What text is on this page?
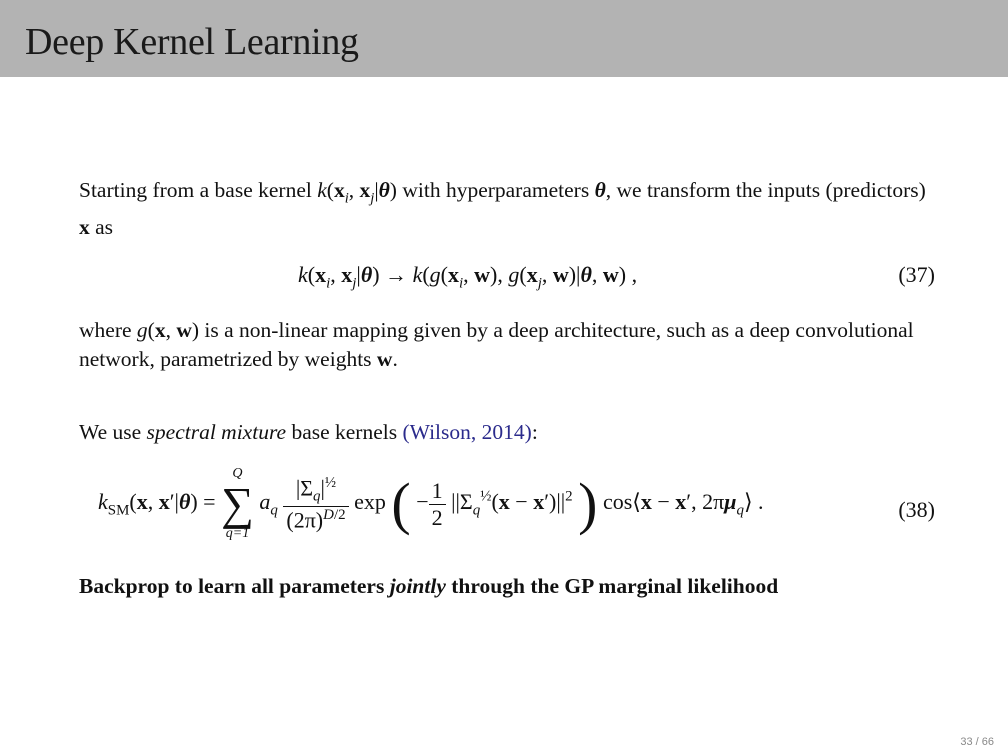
Deep Kernel Learning
Starting from a base kernel $k(x_i$, $x_j|\theta$) with hyperparameters θ, we transform the inputs (predictors) x as
$k(x_i$, $x_j|\theta) \to k(g(x_i$, w), $g(x_j$, w)|θ, w) ,	(37)
where g(x, w) is a non-linear mapping given by a deep architecture, such as a deep convolutional network, parametrized by weights w.
We use spectral mixture base kernels (Wilson, 2014):
$k_{SM}(x$, x′|θ) =
Q
∑
q=1
$a_q \frac{|\Sigma_q|^{\frac{1}{2}}}{(2\pi)^{D/2}}$ exp ( − $\frac{1}{2} ||\Sigma_q^{\frac{1}{2}}(x - x')||^2$ ) cos⟨x − x′, $2\pi\mu_q⟩$ .	(38)
Backprop to learn all parameters jointly through the GP marginal likelihood
33 / 66
